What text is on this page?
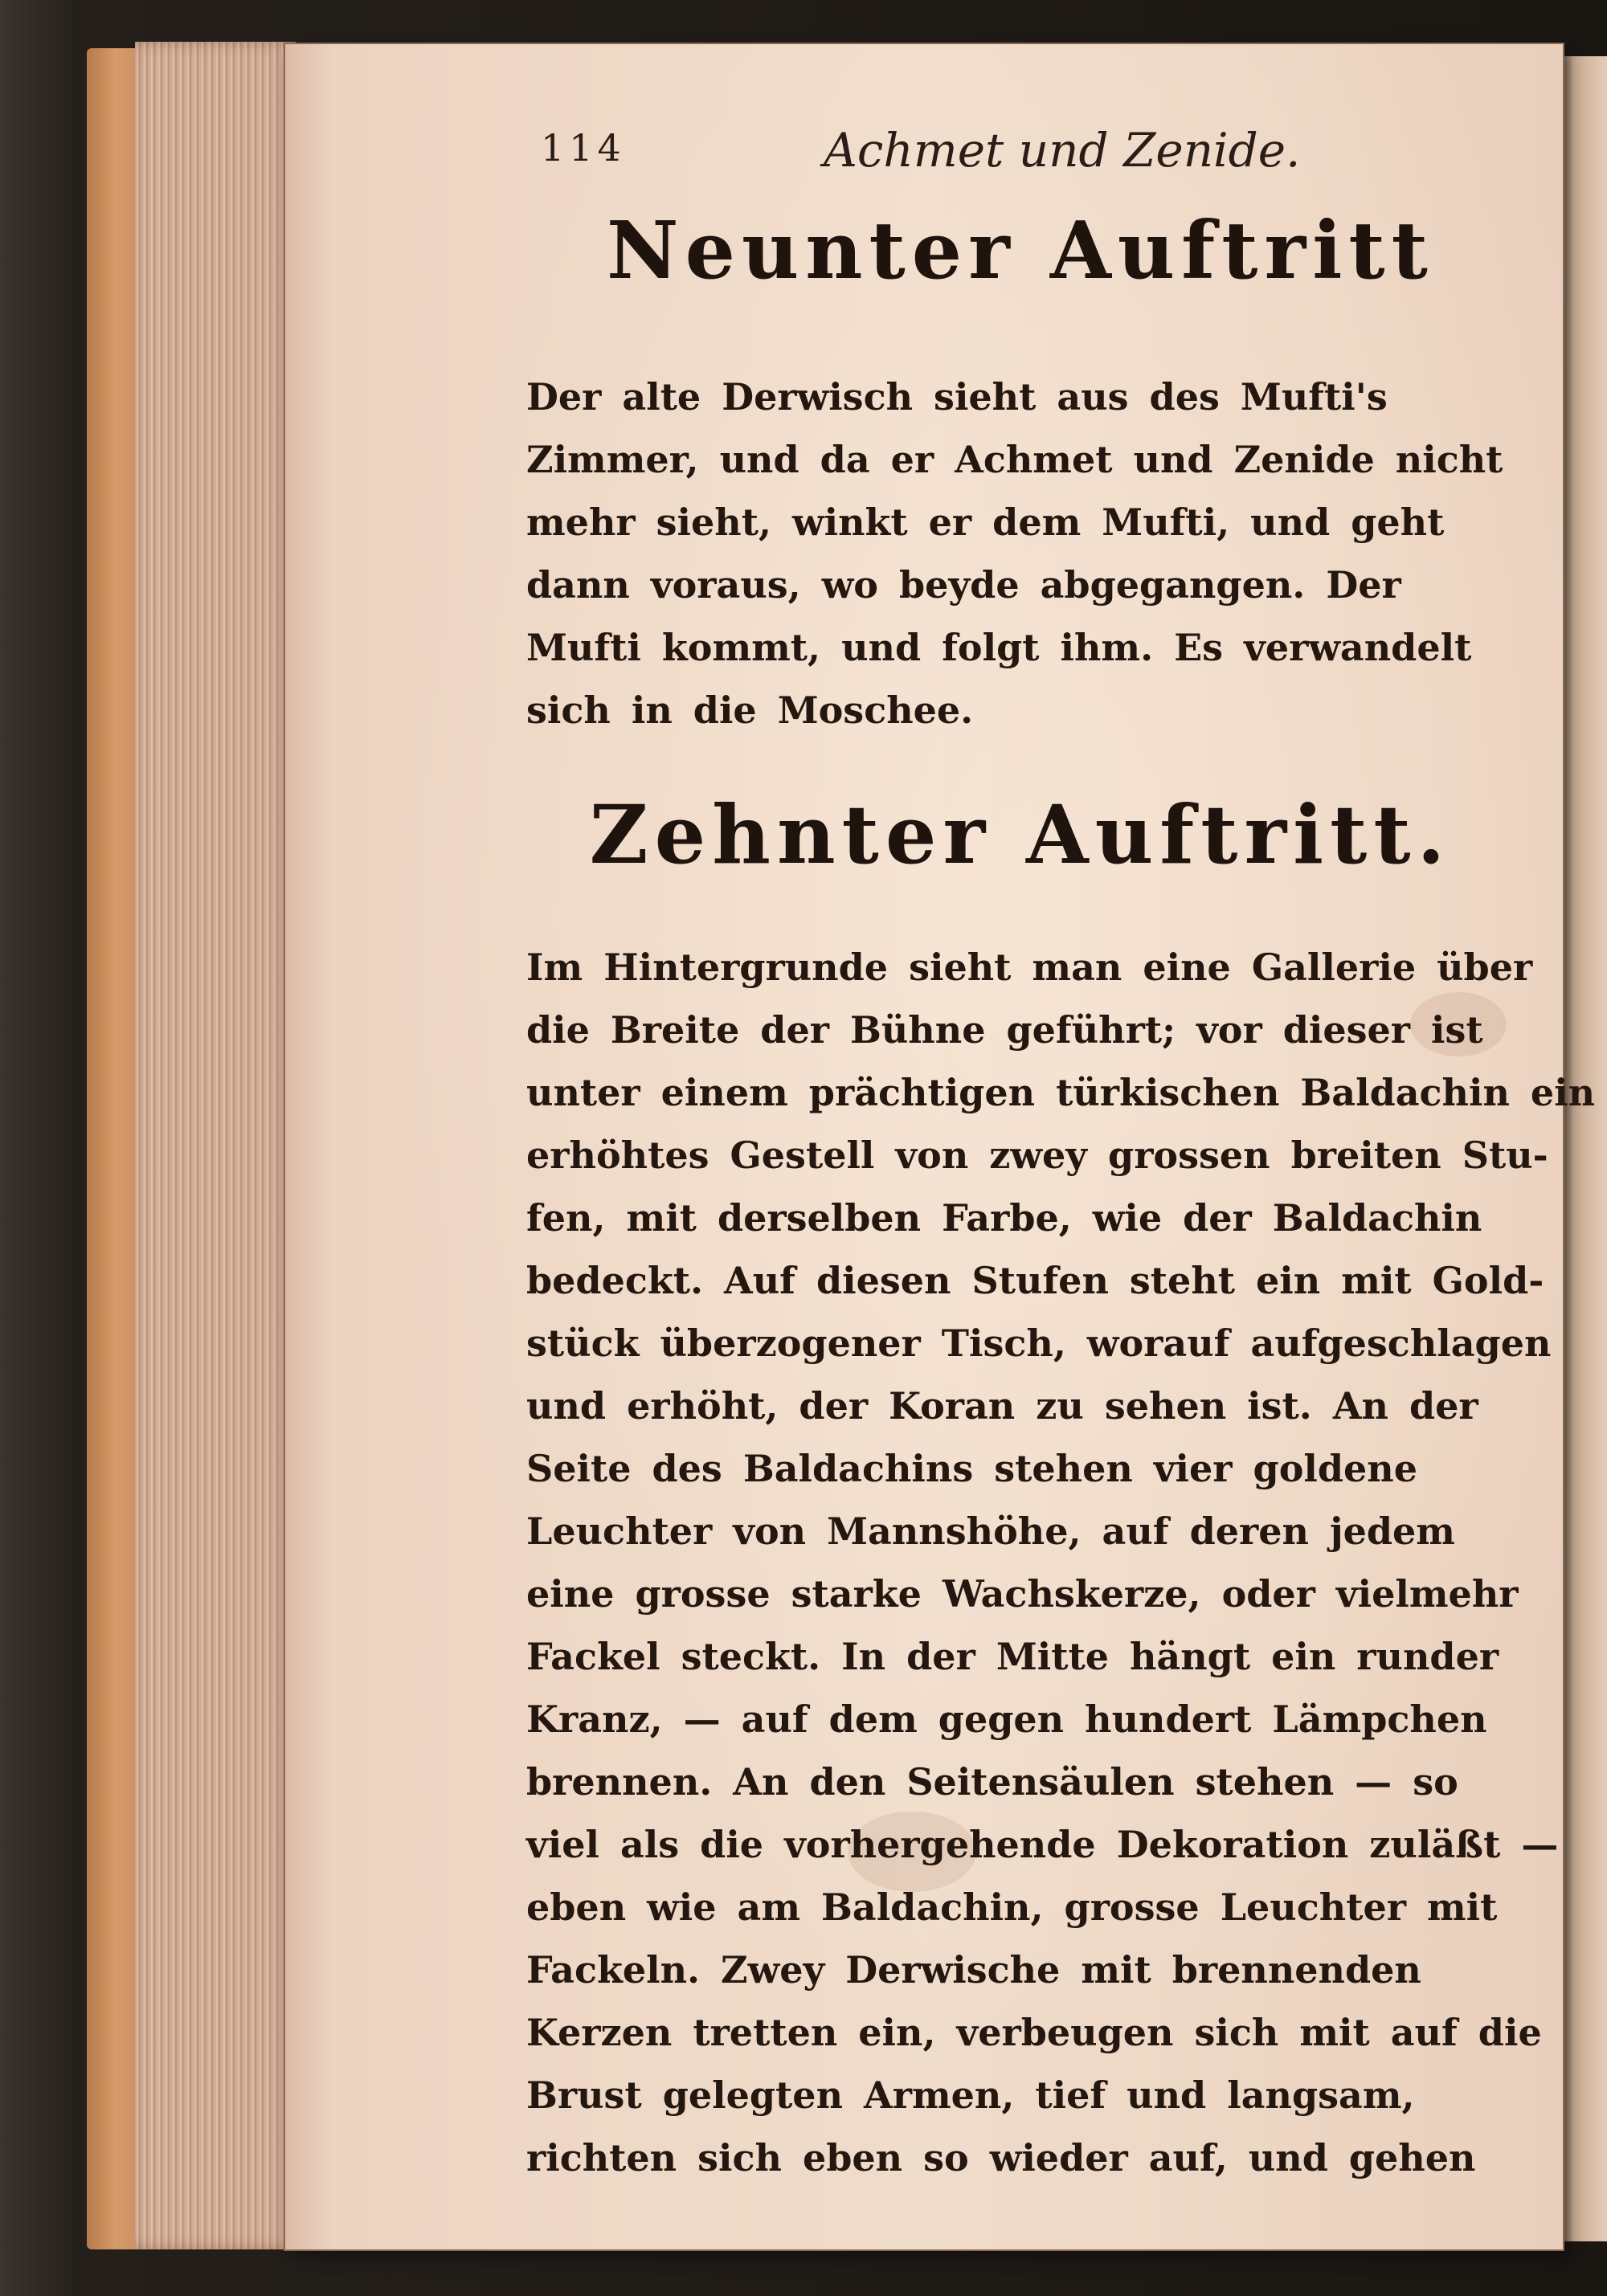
114	Achmet und Zenide.
Neunter Auftritt
Der alte Derwisch sieht aus des Mufti's
Zimmer, und da er Achmet und Zenide nicht
mehr sieht, winkt er dem Mufti, und geht
dann voraus, wo beyde abgegangen. Der
Mufti kommt, und folgt ihm. Es verwandelt
sich in die Moschee.
Zehnter Auftritt.
Im Hintergrunde sieht man eine Gallerie über
die Breite der Bühne geführt; vor dieser ist
unter einem prächtigen türkischen Baldachin ein
erhöhtes Gestell von zwey grossen breiten Stu-
fen, mit derselben Farbe, wie der Baldachin
bedeckt. Auf diesen Stufen steht ein mit Gold-
stück überzogener Tisch, worauf aufgeschlagen
und erhöht, der Koran zu sehen ist. An der
Seite des Baldachins stehen vier goldene
Leuchter von Mannshöhe, auf deren jedem
eine grosse starke Wachskerze, oder vielmehr
Fackel steckt. In der Mitte hängt ein runder
Kranz, — auf dem gegen hundert Lämpchen
brennen. An den Seitensäulen stehen — so
viel als die vorhergehende Dekoration zuläßt —
eben wie am Baldachin, grosse Leuchter mit
Fackeln. Zwey Derwische mit brennenden
Kerzen tretten ein, verbeugen sich mit auf die
Brust gelegten Armen, tief und langsam,
richten sich eben so wieder auf, und gehen
